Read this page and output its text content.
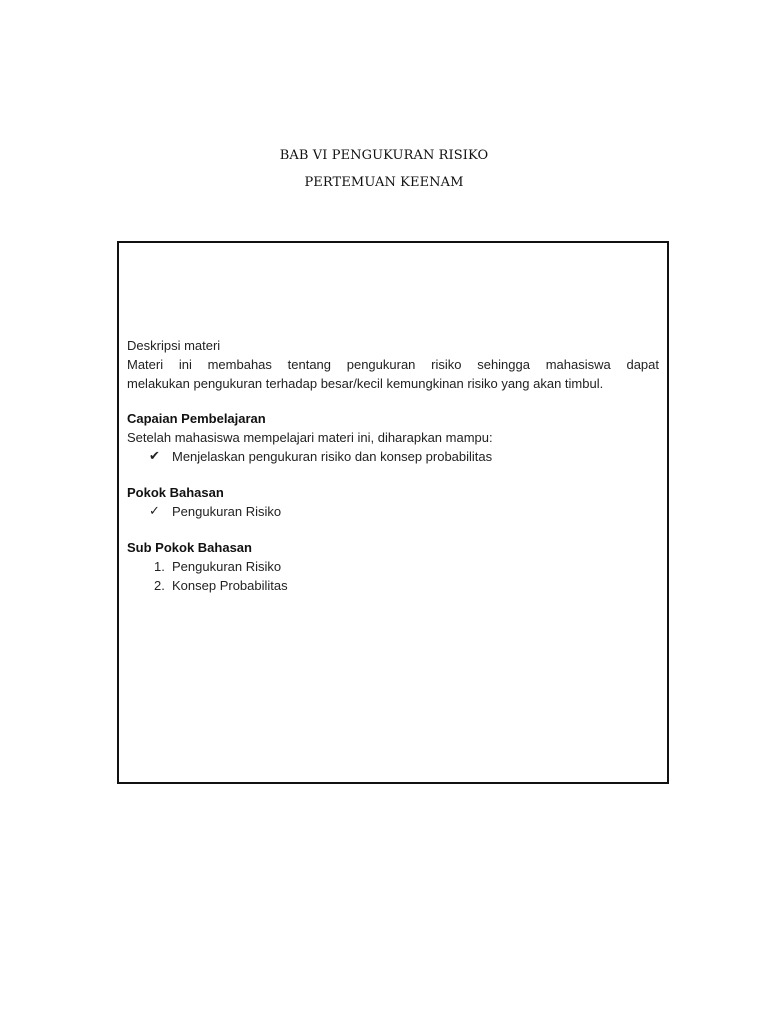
BAB VI PENGUKURAN RISIKO
PERTEMUAN KEENAM

Deskripsi materi

Materi ini membahas tentang pengukuran risiko sehingga mahasiswa dapat

melakukan pengukuran terhadap besar/kecil kemungkinan risiko yang akan timbul.

Capaian Pembelajaran

Setelah mahasiswa mempelajari materi ini, diharapkan mampu:

✔ Menjelaskan pengukuran risiko dan konsep probabilitas

Pokok Bahasan

✓ Pengukuran Risiko

Sub Pokok Bahasan

1. Pengukuran Risiko

2. Konsep Probabilitas
